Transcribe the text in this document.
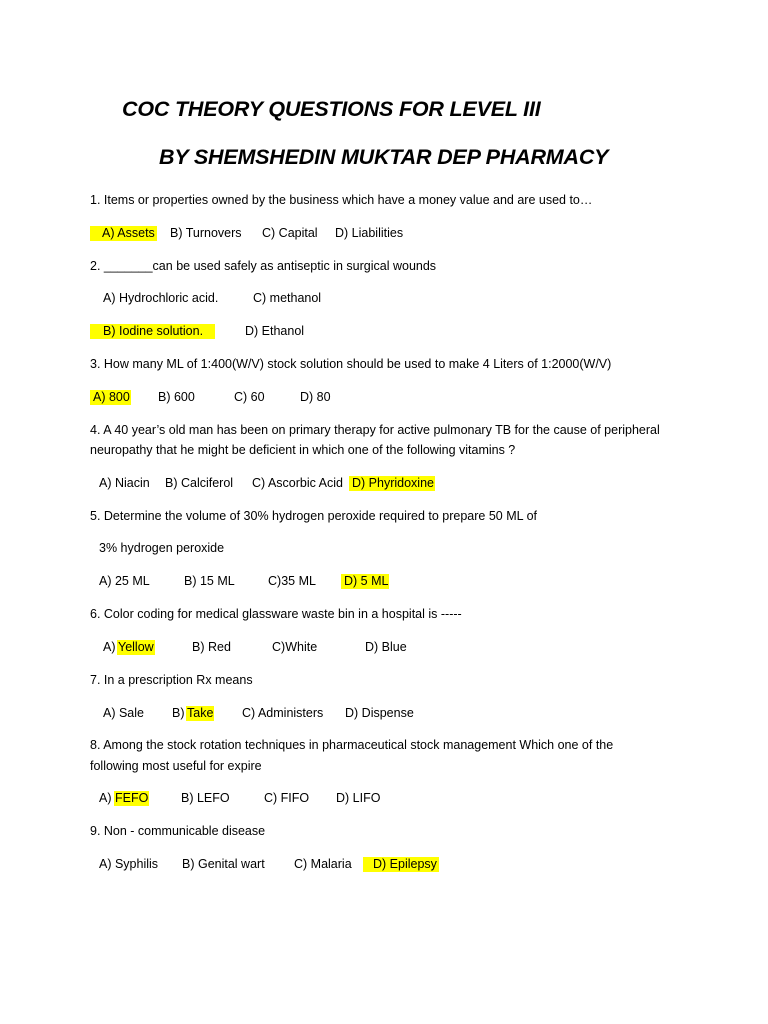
COC THEORY QUESTIONS FOR LEVEL III
BY SHEMSHEDIN MUKTAR DEP PHARMACY
1. Items or properties owned by the business which have a money value and are used to…
A) Assets B) Turnovers C) Capital D) Liabilities
2. _______can be used safely as antiseptic in surgical wounds
A) Hydrochloric acid.	C) methanol
B) Iodine solution.	D) Ethanol
3. How many ML of 1:400(W/V) stock solution should be used to make 4 Liters of 1:2000(W/V)
A) 800 B) 600	C) 60	D) 80
4. A 40 year’s old man has been on primary therapy for active pulmonary TB for the cause of peripheral
neuropathy that he might be deficient in which one of the following vitamins ?
A) Niacin B) Calciferol C) Ascorbic Acid D) Phyridoxine
5. Determine the volume of 30% hydrogen peroxide required to prepare 50 ML of
3% hydrogen peroxide
A) 25 ML	B) 15 ML	C)35 ML D) 5 ML
6. Color coding for medical glassware waste bin in a hospital is -----
A) Yellow	B) Red	C)White	D) Blue
7. In a prescription Rx means
A) Sale B) Take C) Administers D) Dispense
8. Among the stock rotation techniques in pharmaceutical stock management Which one of the
following most useful for expire
A) FEFO	B) LEFO	C) FIFO D) LIFO
9. Non - communicable disease
A) Syphilis B) Genital wart C) Malaria	D) Epilepsy
